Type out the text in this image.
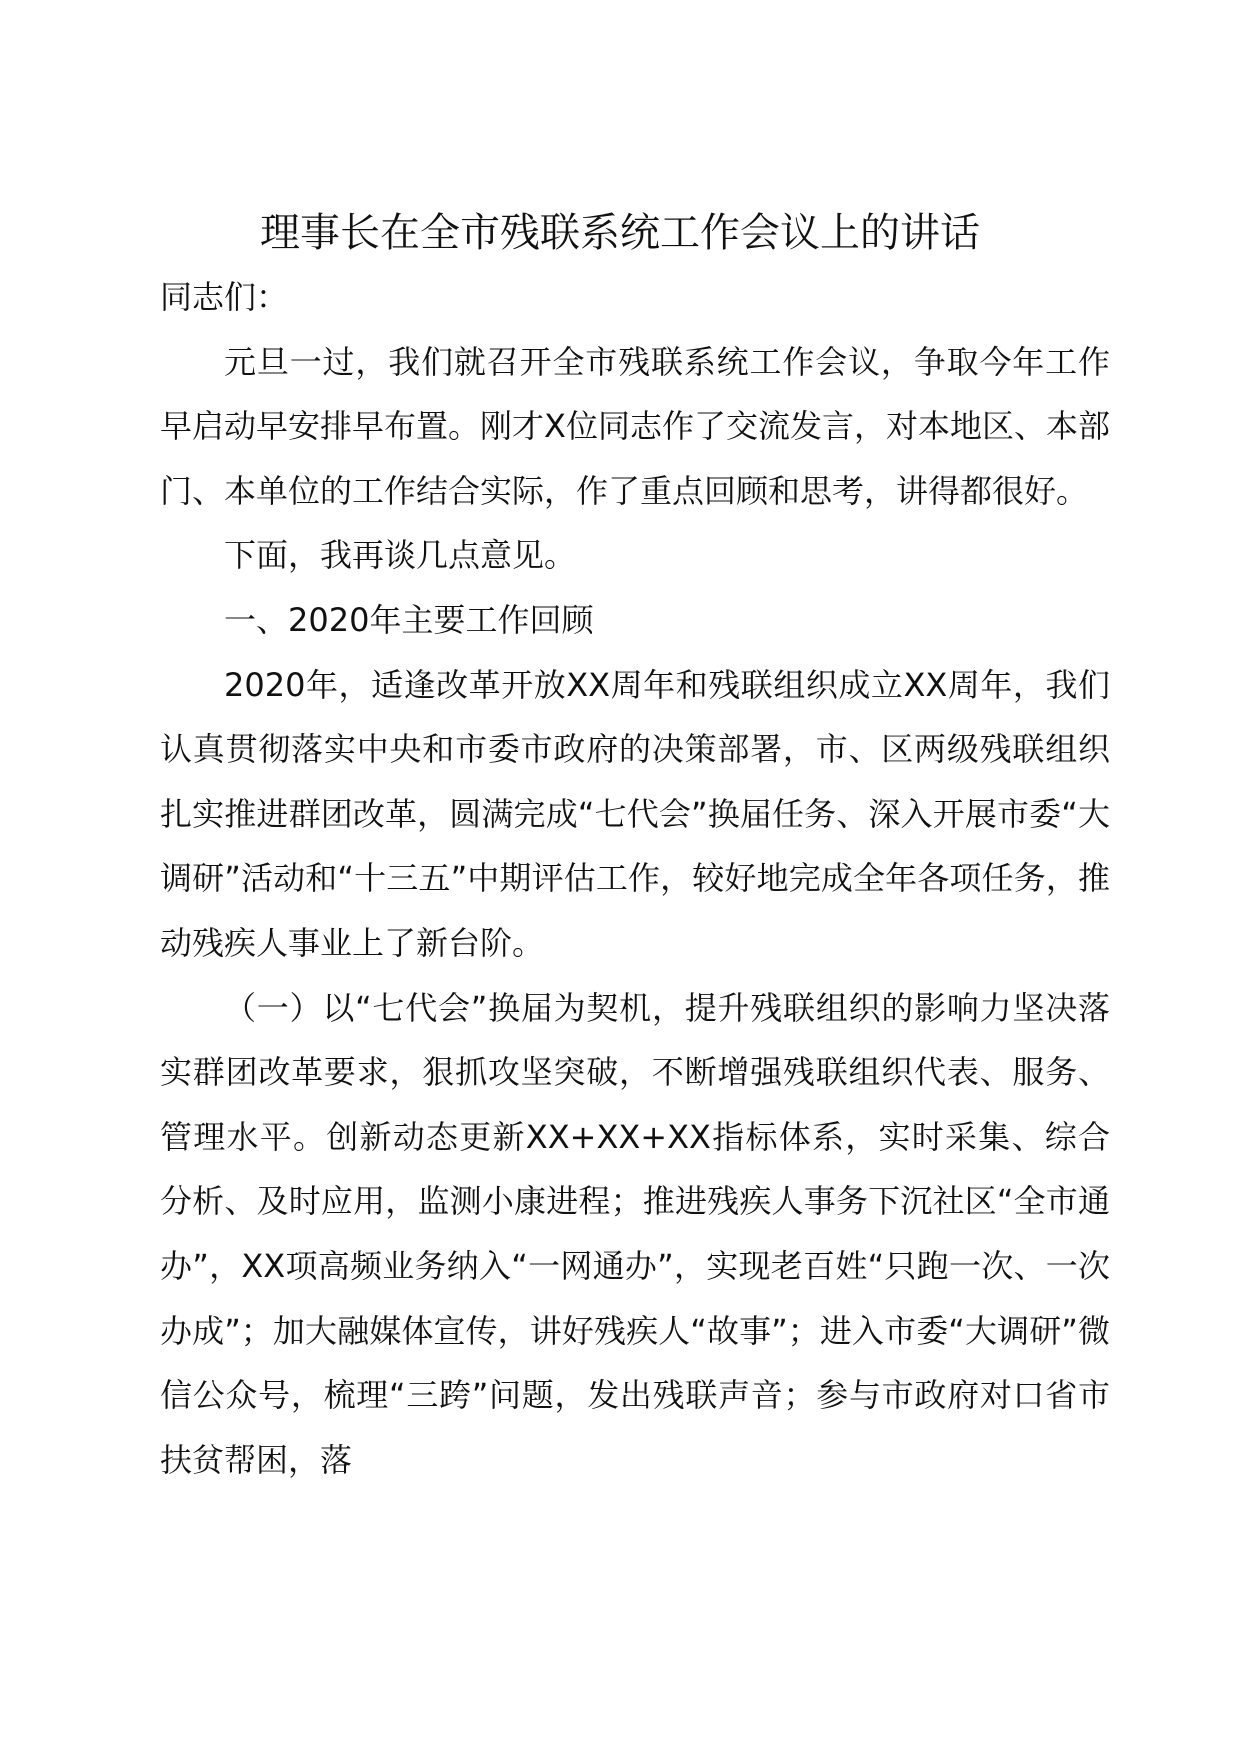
理事长在全市残联系统工作会议上的讲话

同志们：

元旦一过，我们就召开全市残联系统工作会议，争取今年工作早启动早安排早布置。刚才X位同志作了交流发言，对本地区、本部门、本单位的工作结合实际，作了重点回顾和思考，讲得都很好。

下面，我再谈几点意见。

一、2020年主要工作回顾

2020年，适逢改革开放XX周年和残联组织成立XX周年，我们认真贯彻落实中央和市委市政府的决策部署，市、区两级残联组织扎实推进群团改革，圆满完成“七代会”换届任务、深入开展市委“大调研”活动和“十三五”中期评估工作，较好地完成全年各项任务，推动残疾人事业上了新台阶。

（一）以“七代会”换届为契机，提升残联组织的影响力坚决落实群团改革要求，狠抓攻坚突破，不断增强残联组织代表、服务、管理水平。创新动态更新XX+XX+XX指标体系，实时采集、综合分析、及时应用，监测小康进程；推进残疾人事务下沉社区“全市通办”，XX项高频业务纳入“一网通办”，实现老百姓“只跑一次、一次办成”；加大融媒体宣传，讲好残疾人“故事”；进入市委“大调研”微信公众号，梳理“三跨”问题，发出残联声音；参与市政府对口省市扶贫帮困，落
